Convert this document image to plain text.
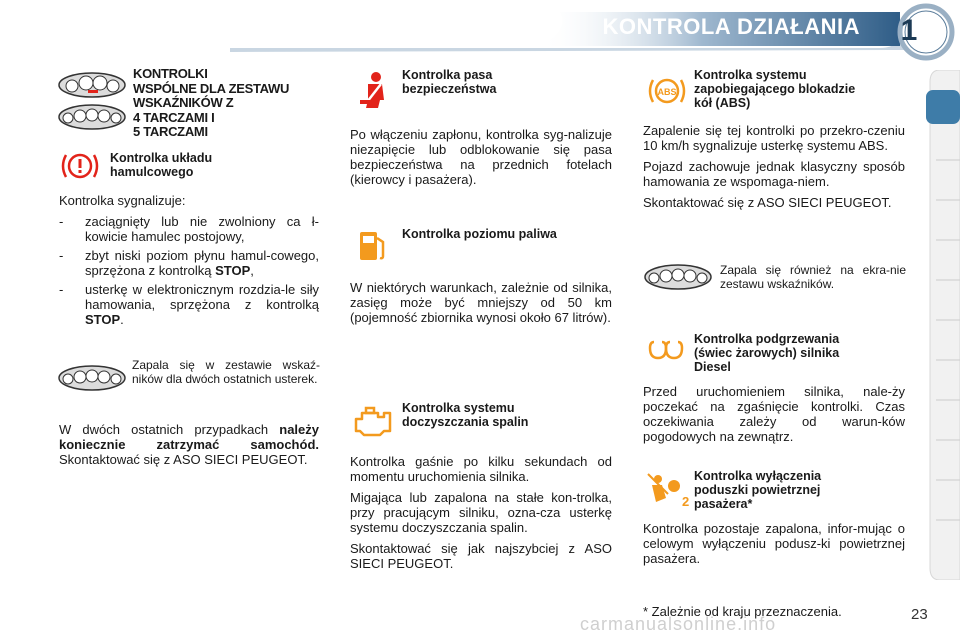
KONTROLA DZIAŁANIA	1
KONTROLKI
WSPÓLNE DLA ZESTAWU
WSKAŹNIKÓW Z
4 TARCZAMI I
5 TARCZAMI
Kontrolka układu
hamulcowego

Kontrolka sygnalizuje:

- zaciągnięty lub nie zwolniony ca ł-kowicie hamulec postojowy,
- zbyt niski poziom płynu hamul-cowego, sprzężona z kontrolką STOP,
- usterkę w elektronicznym rozdzia-le siły hamowania, sprzężona z kontrolką STOP.
Zapala się w zestawie wskaź-ników dla dwóch ostatnich usterek.
W dwóch ostatnich przypadkach należy koniecznie zatrzymać samochód. Skontaktować się z ASO SIECI PEUGEOT.
Kontrolka pasa
bezpieczeństwa

Po włączeniu zapłonu, kontrolka syg-nalizuje niezapięcie lub odblokowanie się pasa bezpieczeństwa na przednich fotelach (kierowcy i pasażera).

Kontrolka poziomu paliwa

W niektórych warunkach, zależnie od silnika, zasięg może być mniejszy od 50 km (pojemność zbiornika wynosi około 67 litrów).

Kontrolka systemu
doczyszczania spalin

Kontrolka gaśnie po kilku sekundach od momentu uruchomienia silnika.

Migająca lub zapalona na stałe kon-trolka, przy pracującym silniku, ozna-cza usterkę systemu doczyszczania spalin.

Skontaktować się jak najszybciej z ASO SIECI PEUGEOT.

ABS
Kontrolka systemu
zapobiegającego blokadzie
kół (ABS)

Zapalenie się tej kontrolki po przekro-czeniu 10 km/h sygnalizuje usterkę systemu ABS.

Pojazd zachowuje jednak klasyczny sposób hamowania ze wspomaga-niem.

Skontaktować się z ASO SIECI PEUGEOT.

Zapala się również na ekra-nie zestawu wskaźników.
Kontrolka podgrzewania
(świec żarowych) silnika
Diesel

Przed uruchomieniem silnika, nale-ży poczekać na zgaśnięcie kontrolki. Czas oczekiwania zależy od warun-ków pogodowych na zewnątrz.

2
Kontrolka wyłączenia
poduszki powietrznej
pasażera*

Kontrolka pozostaje zapalona, infor-mując o celowym wyłączeniu podusz-ki powietrznej pasażera.

carmanualsonline.info
* Zależnie od kraju przeznaczenia.	23
